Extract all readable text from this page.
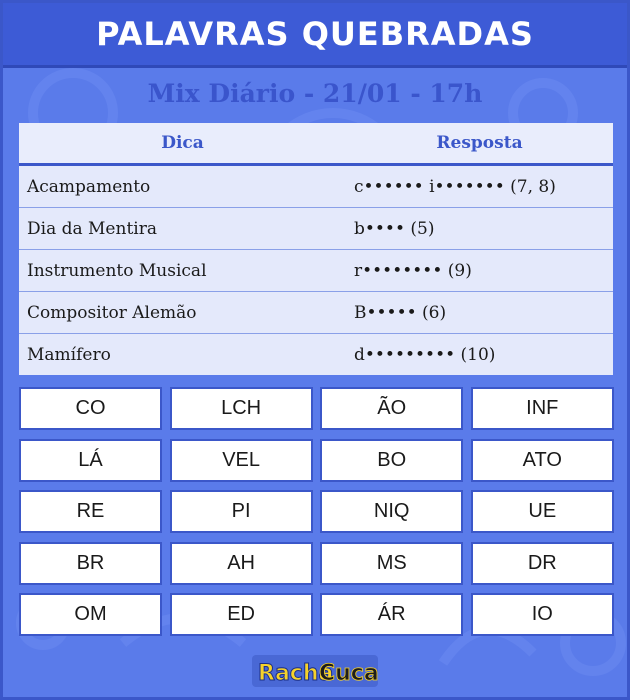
PALAVRAS QUEBRADAS
Mix Diário - 21/01 - 17h
Dica	Resposta
Acampamento	c•••••• i••••••• (7, 8)
Dia da Mentira	b•••• (5)
Instrumento Musical	r•••••••• (9)
Compositor Alemão	B••••• (6)
Mamífero	d••••••••• (10)
CO	LCH	ÃO	INF
LÁ	VEL	BO	ATO
RE	PI	NIQ	UE
BR	AH	MS	DR
OM	ED	ÁR	IO
Racha
Cuca
